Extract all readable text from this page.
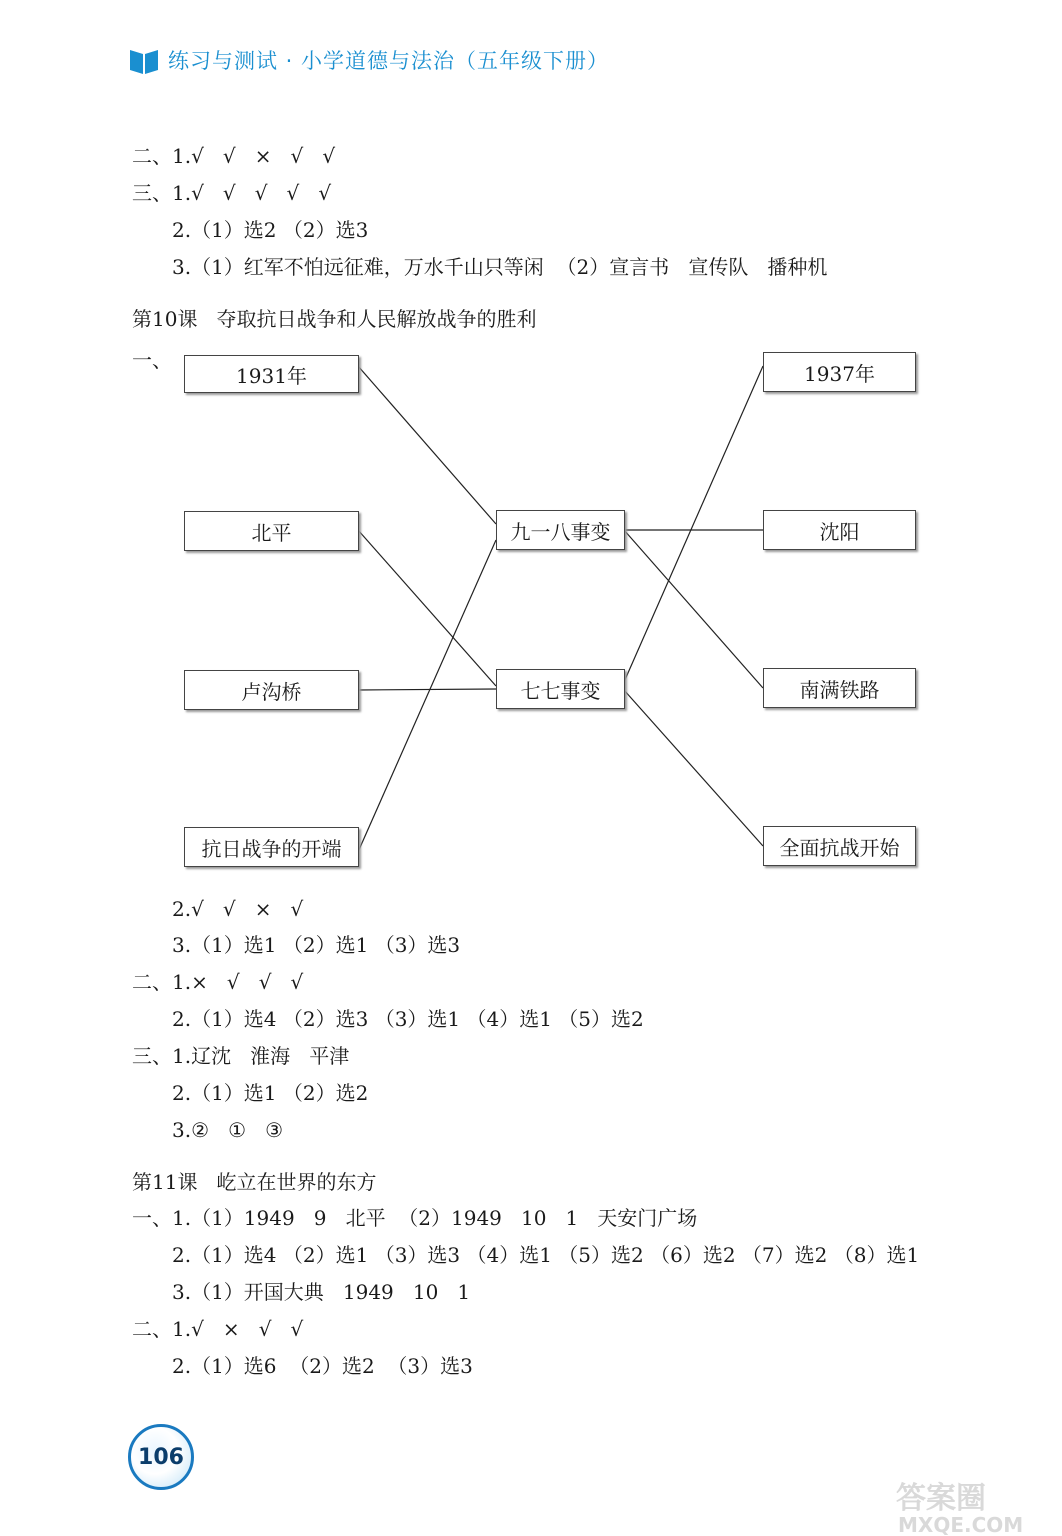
练习与测试 · 小学道德与法治（五年级下册）
二、1.√   √   ×   √   √
三、1.√   √   √   √   √
2.（1）选2 （2）选3
3.（1）红军不怕远征难，万水千山只等闲  （2）宣言书   宣传队   播种机
第10课   夺取抗日战争和人民解放战争的胜利
一、
1931年
北平
卢沟桥
抗日战争的开端
九一八事变
七七事变
1937年
沈阳
南满铁路
全面抗战开始
2.√   √   ×   √
3.（1）选1 （2）选1 （3）选3
二、1.×   √   √   √
2.（1）选4 （2）选3 （3）选1 （4）选1 （5）选2
三、1.辽沈   淮海   平津
2.（1）选1 （2）选2
3.②   ①   ③
第11课   屹立在世界的东方
一、1.（1）1949   9   北平  （2）1949   10   1   天安门广场
2.（1）选4 （2）选1 （3）选3 （4）选1 （5）选2 （6）选2 （7）选2 （8）选1
3.（1）开国大典   1949   10   1
二、1.√   ×   √   √
2.（1）选6  （2）选2  （3）选3
106
答案圈
MXQE.COM
